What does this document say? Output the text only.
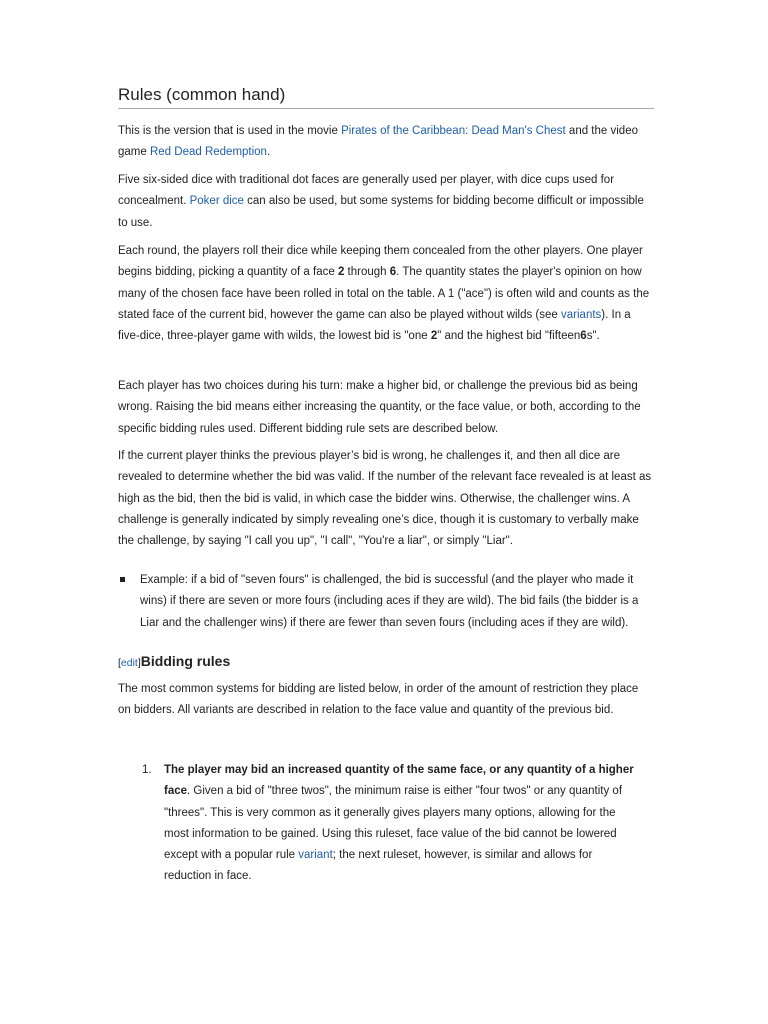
Rules (common hand)

This is the version that is used in the movie Pirates of the Caribbean: Dead Man's Chest and the video game Red Dead Redemption.

Five six-sided dice with traditional dot faces are generally used per player, with dice cups used for concealment. Poker dice can also be used, but some systems for bidding become difficult or impossible to use.

Each round, the players roll their dice while keeping them concealed from the other players. One player begins bidding, picking a quantity of a face 2 through 6. The quantity states the player's opinion on how many of the chosen face have been rolled in total on the table. A 1 ("ace") is often wild and counts as the stated face of the current bid, however the game can also be played without wilds (see variants). In a five-dice, three-player game with wilds, the lowest bid is "one 2" and the highest bid "fifteen6s".

Each player has two choices during his turn: make a higher bid, or challenge the previous bid as being wrong. Raising the bid means either increasing the quantity, or the face value, or both, according to the specific bidding rules used. Different bidding rule sets are described below.

If the current player thinks the previous player’s bid is wrong, he challenges it, and then all dice are revealed to determine whether the bid was valid. If the number of the relevant face revealed is at least as high as the bid, then the bid is valid, in which case the bidder wins. Otherwise, the challenger wins. A challenge is generally indicated by simply revealing one’s dice, though it is customary to verbally make the challenge, by saying "I call you up", "I call", "You're a liar", or simply "Liar".

Example: if a bid of "seven fours" is challenged, the bid is successful (and the player who made it wins) if there are seven or more fours (including aces if they are wild). The bid fails (the bidder is a Liar and the challenger wins) if there are fewer than seven fours (including aces if they are wild).
[edit]Bidding rules

The most common systems for bidding are listed below, in order of the amount of restriction they place on bidders. All variants are described in relation to the face value and quantity of the previous bid.

1. The player may bid an increased quantity of the same face, or any quantity of a higher face. Given a bid of "three twos", the minimum raise is either "four twos" or any quantity of "threes". This is very common as it generally gives players many options, allowing for the most information to be gained. Using this ruleset, face value of the bid cannot be lowered except with a popular rule variant; the next ruleset, however, is similar and allows for reduction in face.
